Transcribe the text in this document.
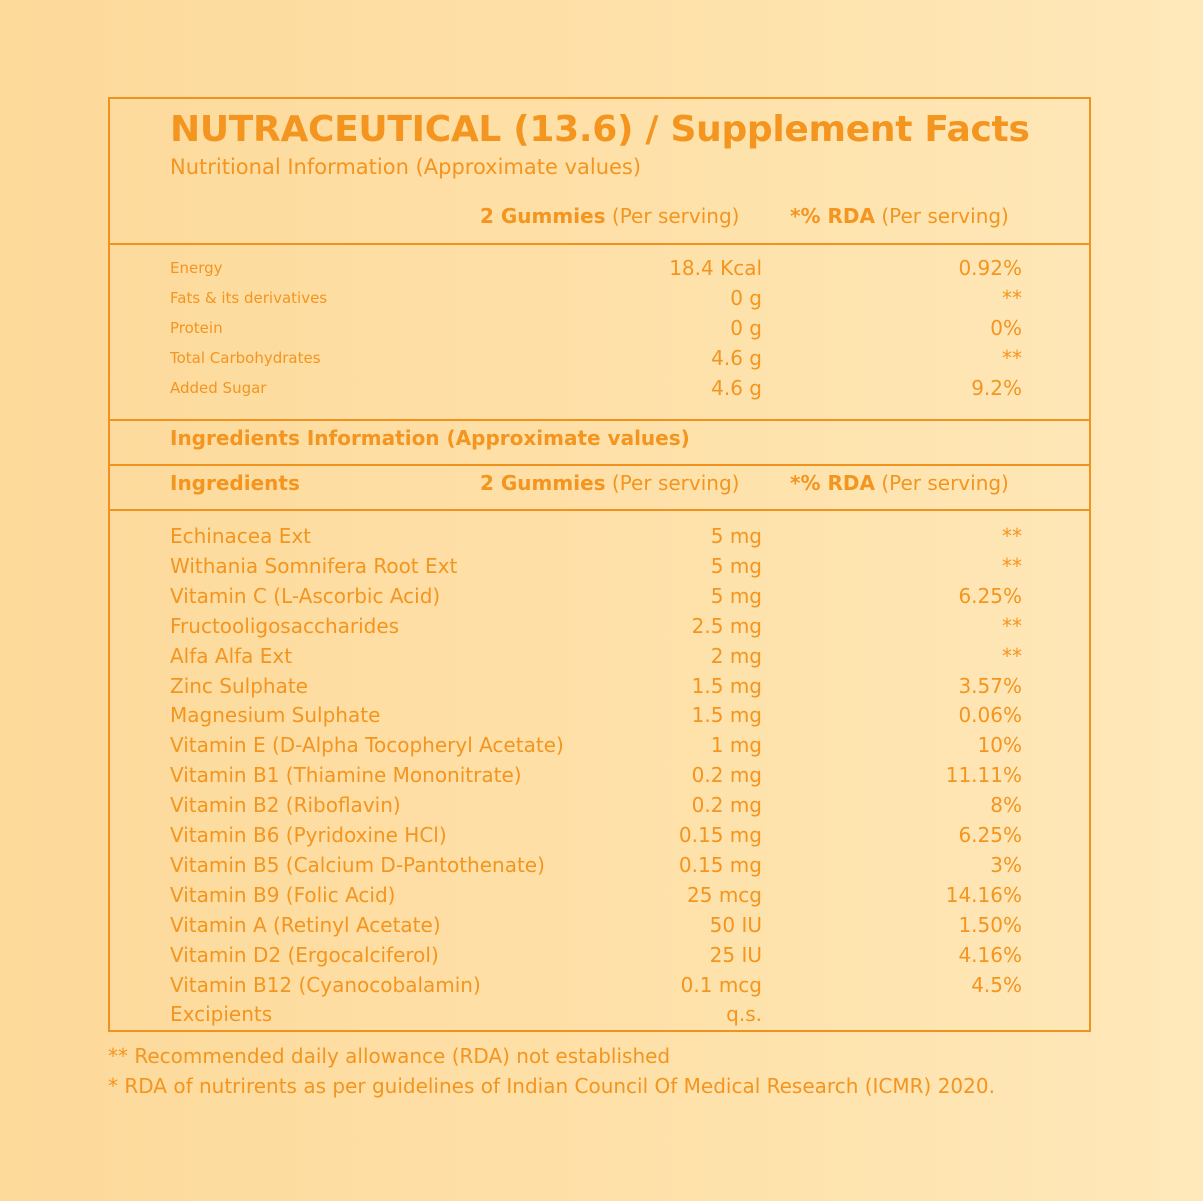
NUTRACEUTICAL (13.6) / Supplement Facts
Nutritional Information (Approximate values)
2 Gummies (Per serving)	*% RDA (Per serving)
Energy	18.4 Kcal	0.92%
Fats & its derivatives	0 g	**
Protein	0 g	0%
Total Carbohydrates	4.6 g	**
Added Sugar	4.6 g	9.2%
Ingredients Information (Approximate values)
Ingredients	2 Gummies (Per serving)	*% RDA (Per serving)
Echinacea Ext	5 mg	**
Withania Somnifera Root Ext	5 mg	**
Vitamin C (L-Ascorbic Acid)	5 mg	6.25%
Fructooligosaccharides	2.5 mg	**
Alfa Alfa Ext	2 mg	**
Zinc Sulphate	1.5 mg	3.57%
Magnesium Sulphate	1.5 mg	0.06%
Vitamin E (D-Alpha Tocopheryl Acetate)	1 mg	10%
Vitamin B1 (Thiamine Mononitrate)	0.2 mg	11.11%
Vitamin B2 (Riboflavin)	0.2 mg	8%
Vitamin B6 (Pyridoxine HCl)	0.15 mg	6.25%
Vitamin B5 (Calcium D-Pantothenate)	0.15 mg	3%
Vitamin B9 (Folic Acid)	25 mcg	14.16%
Vitamin A (Retinyl Acetate)	50 IU	1.50%
Vitamin D2 (Ergocalciferol)	25 IU	4.16%
Vitamin B12 (Cyanocobalamin)	0.1 mcg	4.5%
Excipients	q.s.
** Recommended daily allowance (RDA) not established
* RDA of nutrirents as per guidelines of Indian Council Of Medical Research (ICMR) 2020.
